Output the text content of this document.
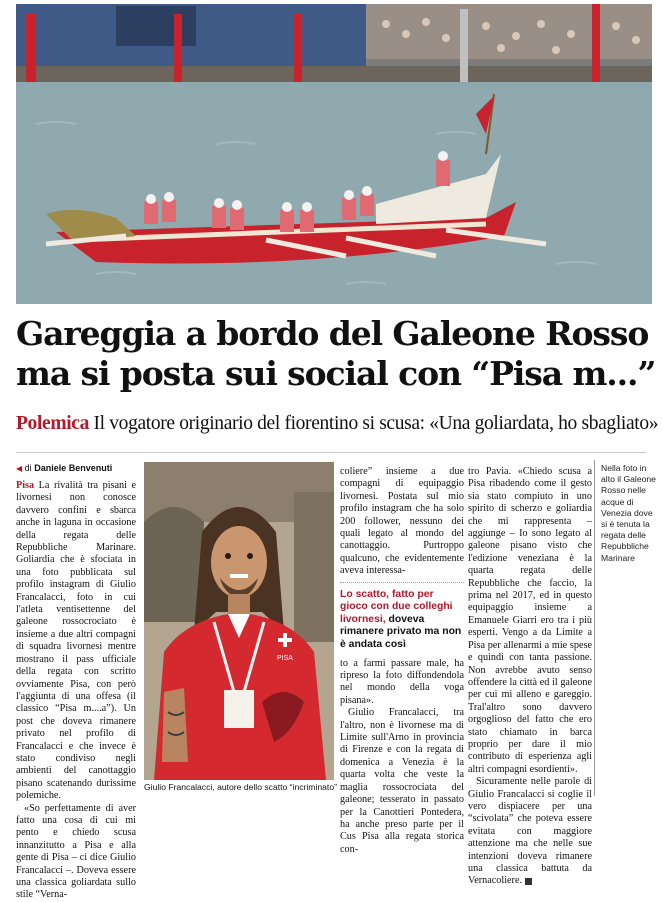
Gareggia a bordo del Galeone Rosso
ma si posta sui social con “Pisa m...”
Polemica Il vogatore originario del fiorentino si scusa: «Una goliardata, ho sbagliato»
◀ di Daniele Benvenuti

Pisa La rivalità tra pisani e livornesi non conosce davvero confini e sbarca anche in laguna in occasione della regata delle Repubbliche Marinare. Goliardia che è sfociata in una foto pubblicata sul profilo instagram di Giulio Francalacci, foto in cui l'atleta ventisettenne del galeone rossocrociato è insieme a due altri compagni di squadra livornesi mentre mostrano il pass ufficiale della regata con scritto ovviamente Pisa, con però l'aggiunta di una offesa (il classico “Pisa m....a”). Un post che doveva rimanere privato nel profilo di Francalacci e che invece è stato condiviso negli ambienti del canottaggio pisano scatenando durissime polemiche.

«So perfettamente di aver fatto una cosa di cui mi pento e chiedo scusa innanzitutto a Pisa e alla gente di Pisa – ci dice Giulio Francalacci –. Doveva essere una classica goliardata sullo stile “Verna-

PISA
Giulio Francalacci, autore dello scatto “incriminato”

coliere” insieme a due compagni di equipaggio livornesi. Postata sul mio profilo instagram che ha solo 200 follower, nessuno dei quali legato al mondo del canottaggio. Purtroppo qualcuno, che evidentemente aveva interessa-

Lo scatto, fatto per gioco con due colleghi livornesi, doveva rimanere privato ma non è andata così

to a farmi passare male, ha ripreso la foto diffondendola nel mondo della voga pisana».

Giulio Francalacci, tra l'altro, non è livornese ma di Limite sull'Arno in provincia di Firenze e con la regata di domenica a Venezia è la quarta volta che veste la maglia rossocrociata del galeone; tesserato in passato per la Canottieri Pontedera, ha anche preso parte per il Cus Pisa alla regata storica con-

tro Pavia. «Chiedo scusa a Pisa ribadendo come il gesto sia stato compiuto in uno spirito di scherzo e goliardia che mi rappresenta – aggiunge – Io sono legato al galeone pisano visto che l'edizione veneziana è la quarta regata delle Repubbliche che faccio, la prima nel 2017, ed in questo equipaggio insieme a Emanuele Giarri ero tra i più esperti. Vengo a da Limite a Pisa per allenarmi a mie spese e quindi con tanta passione. Non avrebbe avuto senso offendere la città ed il galeone per cui mi alleno e gareggio. Tral'altro sono davvero orgoglioso del fatto che ero stato chiamato in barca proprio per dare il mio contributo di esperienza agli altri compagni esordienti».

Sicuramente nelle parole di Giulio Francalacci si coglie il vero dispiacere per una “scivolata” che poteva essere evitata con maggiore attenzione ma che nelle sue intenzioni doveva rimanere una classica battuta da Vernacoliere.

Nella foto in alto il Galeone Rosso nelle acque di Venezia dove si è tenuta la regata delle Repubbliche Marinare
